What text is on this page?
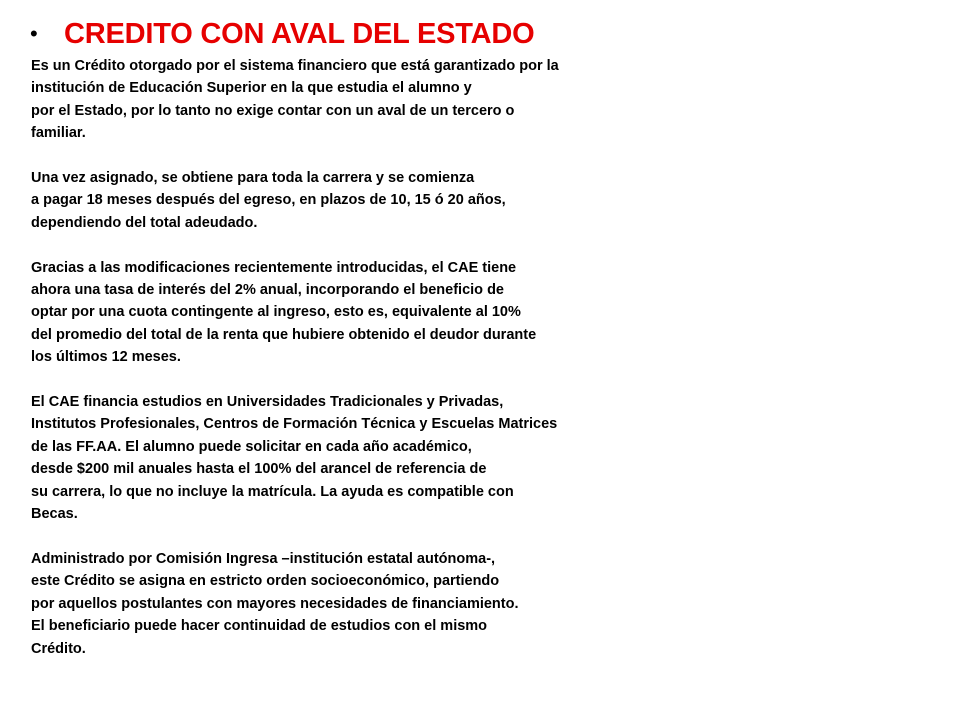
•
CREDITO CON AVAL DEL ESTADO
Es un Crédito otorgado por el sistema financiero que está garantizado por la
institución de Educación Superior en la que estudia el alumno y
por el Estado, por lo tanto no exige contar con un aval de un tercero o
familiar.
Una vez asignado, se obtiene para toda la carrera y se comienza
a pagar 18 meses después del egreso, en plazos de 10, 15 ó 20 años,
dependiendo del total adeudado.
Gracias a las modificaciones recientemente introducidas, el CAE tiene
ahora una tasa de interés del 2% anual, incorporando el beneficio de
optar por una cuota contingente al ingreso, esto es, equivalente al 10%
del promedio del total de la renta que hubiere obtenido el deudor durante
los últimos 12 meses.
El CAE financia estudios en Universidades Tradicionales y Privadas,
Institutos Profesionales, Centros de Formación Técnica y Escuelas Matrices
de las FF.AA. El alumno puede solicitar en cada año académico,
desde $200 mil anuales hasta el 100% del arancel de referencia de
su carrera, lo que no incluye la matrícula. La ayuda es compatible con
Becas.
Administrado por Comisión Ingresa –institución estatal autónoma-,
este Crédito se asigna en estricto orden socioeconómico, partiendo
por aquellos postulantes con mayores necesidades de financiamiento.
El beneficiario puede hacer continuidad de estudios con el mismo
Crédito.
